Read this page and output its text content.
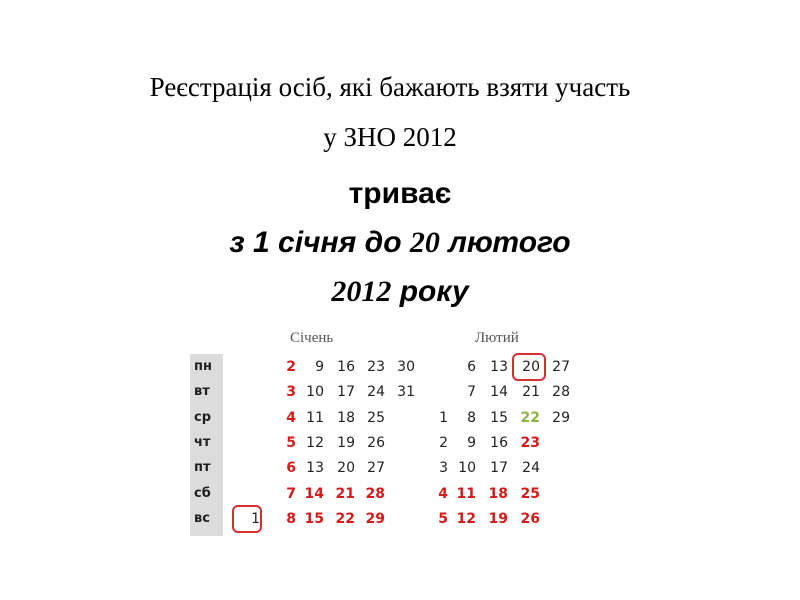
Реєстрація осіб, які бажають взяти участь
у ЗНО 2012
триває
з 1 січня до 20 лютого
2012 року
Січень	Лютий
пн
вт
ср
чт
пт
сб
вс	1
2
3
4
5
6
7
8
9
10
11
12
13
14
15
16
17
18
19
20
21
22
23
24
25
26
27
28
29
30
31
1
2
3
4
5
6
7
8
9
10
11
12
13
14
15
16
17
18
19
20
21
22
23
24
25
26
27
28
29
